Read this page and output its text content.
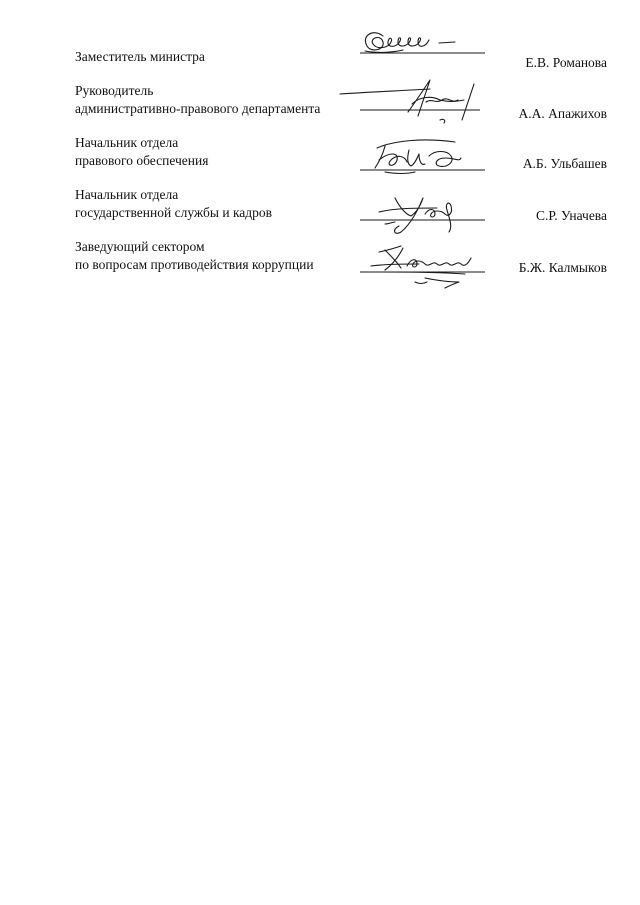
Заместитель министра	Е.В. Романова
Руководитель
административно-правового департамента	А.А. Апажихов
Начальник отдела
правового обеспечения	А.Б. Ульбашев
Начальник отдела
государственной службы и кадров	С.Р. Уначева
Заведующий сектором
по вопросам противодействия коррупции	Б.Ж. Калмыков
